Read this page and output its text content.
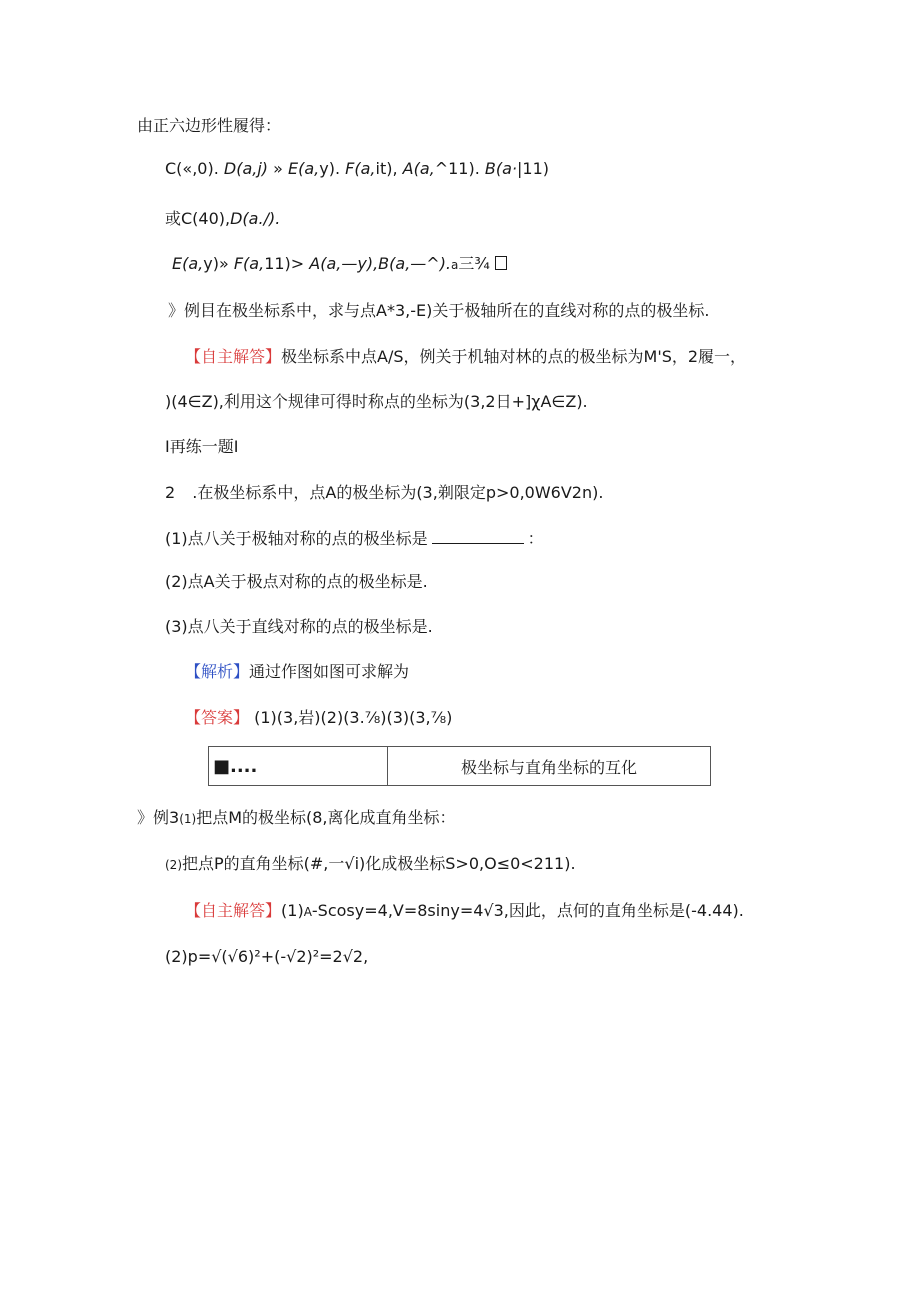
由正六边形性履得：
C(«,0). D(a,j) » E(a,y). F(a,it), A(a,^11). B(a·|11)
或C(40),D(a./).
E(a,y)» F(a,11)> A(a,—y),B(a,—^).a三¾
》例目在极坐标系中，求与点A*3,-E)关于极轴所在的直线对称的点的极坐标.
【自主解答】极坐标系中点A/S，例关于机轴对林的点的极坐标为M'S，2履一，
)(4∈Z),利用这个规律可得时称点的坐标为(3,2日+]χA∈Z).
I再练一题I
2 .在极坐标系中，点A的极坐标为(3,剃限定p>0,0W6V2n).
(1)点八关于极轴对称的点的极坐标是	：
(2)点A关于极点对称的点的极坐标是.
(3)点八关于直线对称的点的极坐标是.
【解析】通过作图如图可求解为
【答案】 (1)(3,岩)(2)(3.⅞)(3)(3,⅞)
■....	极坐标与直角坐标的互化
》例3(1)把点M的极坐标(8,离化成直角坐标：
(2)把点P的直角坐标(#,一√i)化成极坐标S>0,O≤0<211).
【自主解答】(1)A-Scosy=4,V=8siny=4√3,因此，点何的直角坐标是(-4.44).
(2)p=√(√6)²+(-√2)²=2√2,
